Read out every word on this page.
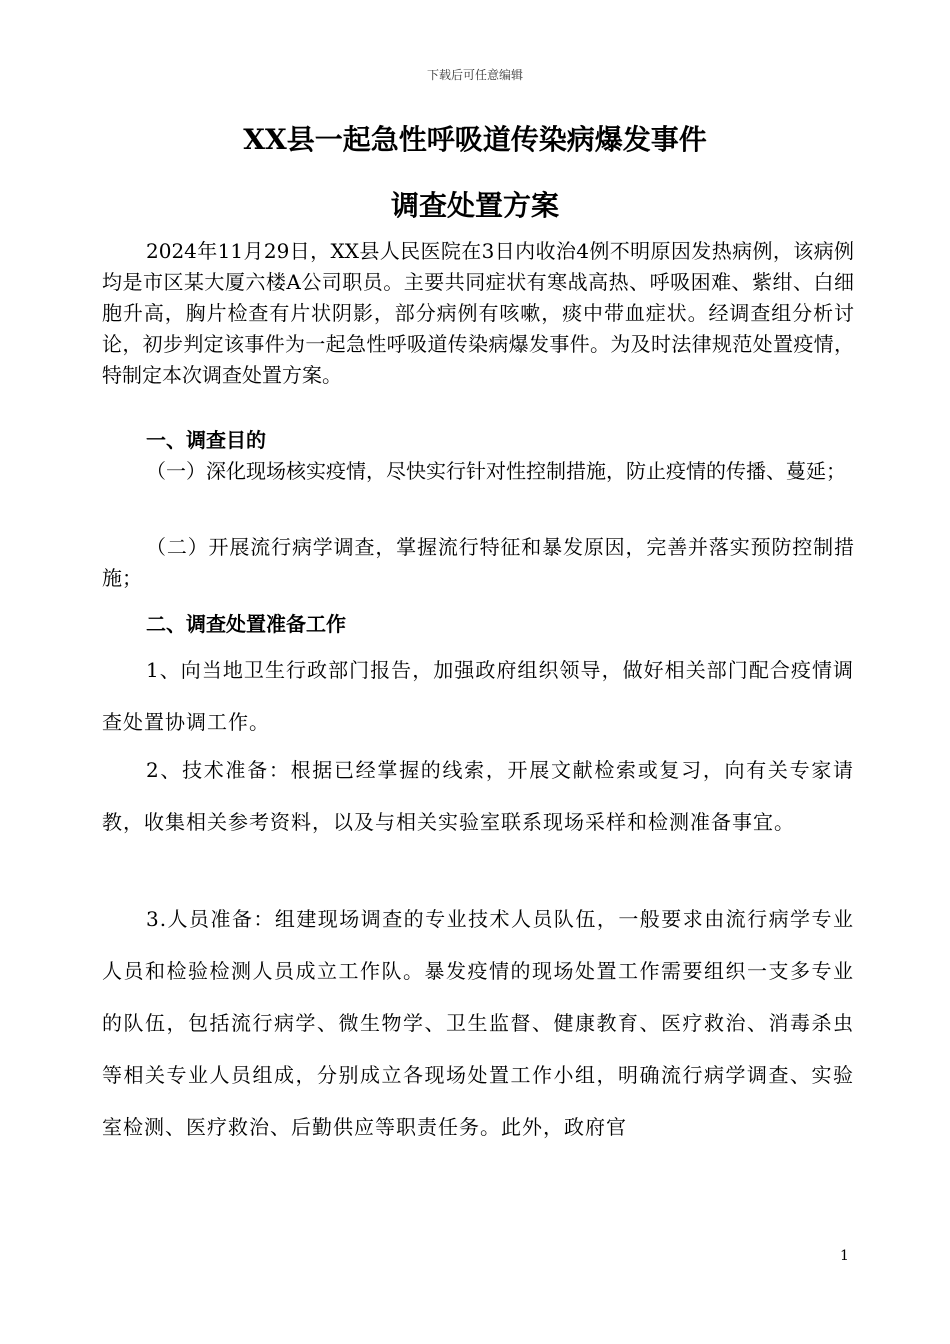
下载后可任意编辑
XX县一起急性呼吸道传染病爆发事件
调查处置方案
2024年11月29日，XX县人民医院在3日内收治4例不明原因发热病例，该病例均是市区某大厦六楼A公司职员。主要共同症状有寒战高热、呼吸困难、紫绀、白细胞升高，胸片检查有片状阴影，部分病例有咳嗽，痰中带血症状。经调查组分析讨论，初步判定该事件为一起急性呼吸道传染病爆发事件。为及时法律规范处置疫情，特制定本次调查处置方案。
一、调查目的
（一）深化现场核实疫情，尽快实行针对性控制措施，防止疫情的传播、蔓延；
（二）开展流行病学调查，掌握流行特征和暴发原因，完善并落实预防控制措施；
二、调查处置准备工作
1、向当地卫生行政部门报告，加强政府组织领导，做好相关部门配合疫情调查处置协调工作。
2、技术准备：根据已经掌握的线索，开展文献检索或复习，向有关专家请教，收集相关参考资料，以及与相关实验室联系现场采样和检测准备事宜。
3.人员准备：组建现场调查的专业技术人员队伍，一般要求由流行病学专业人员和检验检测人员成立工作队。暴发疫情的现场处置工作需要组织一支多专业的队伍，包括流行病学、微生物学、卫生监督、健康教育、医疗救治、消毒杀虫等相关专业人员组成，分别成立各现场处置工作小组，明确流行病学调查、实验室检测、医疗救治、后勤供应等职责任务。此外，政府官
1
